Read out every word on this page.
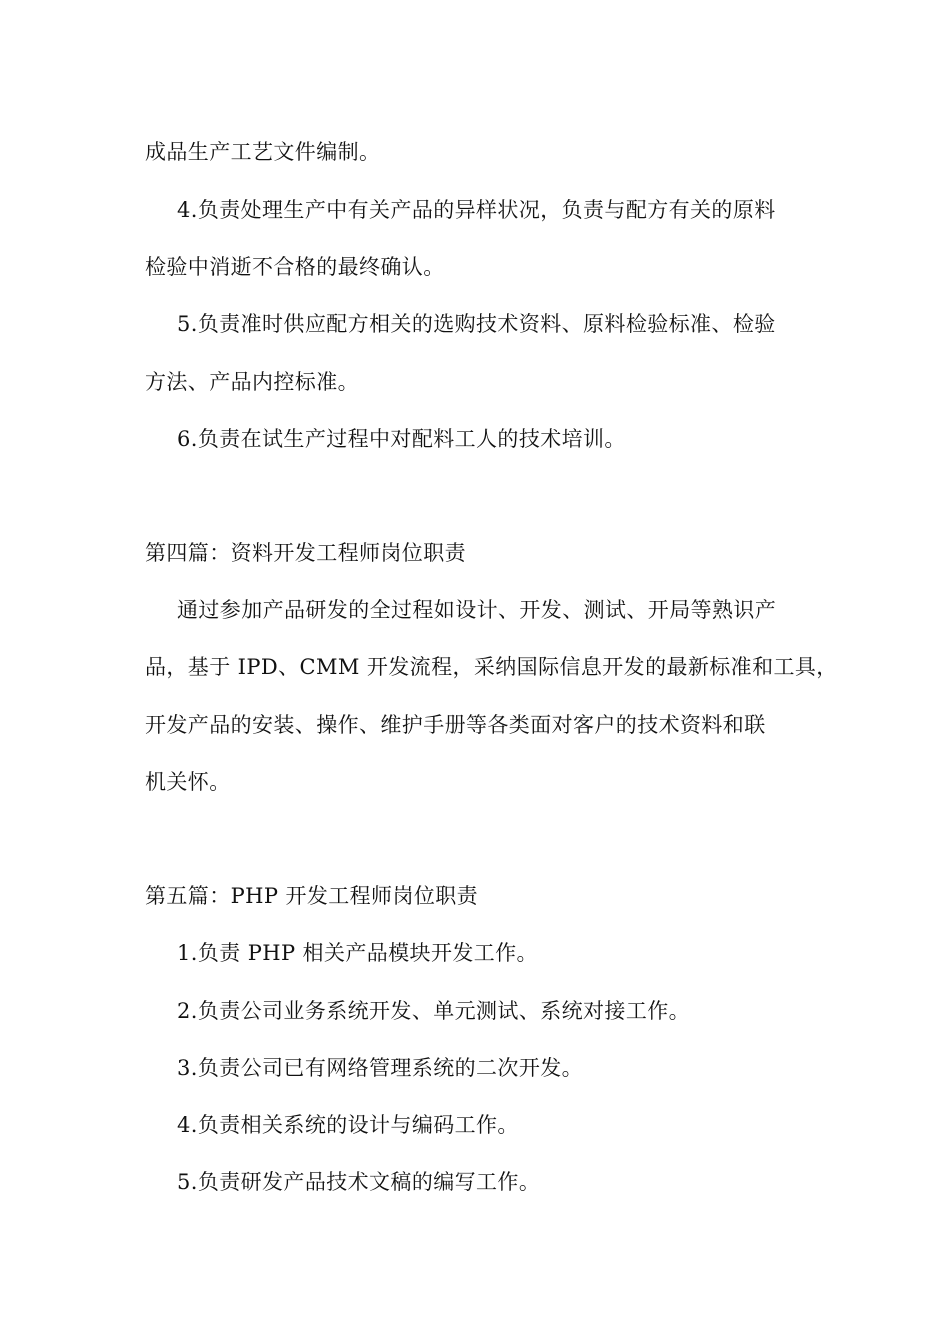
成品生产工艺文件编制。
4.负责处理生产中有关产品的异样状况，负责与配方有关的原料
检验中消逝不合格的最终确认。
5.负责准时供应配方相关的选购技术资料、原料检验标准、检验
方法、产品内控标准。
6.负责在试生产过程中对配料工人的技术培训。
第四篇：资料开发工程师岗位职责
通过参加产品研发的全过程如设计、开发、测试、开局等熟识产
品，基于 IPD、CMM 开发流程，采纳国际信息开发的最新标准和工具，
开发产品的安装、操作、维护手册等各类面对客户的技术资料和联
机关怀。
第五篇：PHP 开发工程师岗位职责
1.负责 PHP 相关产品模块开发工作。
2.负责公司业务系统开发、单元测试、系统对接工作。
3.负责公司已有网络管理系统的二次开发。
4.负责相关系统的设计与编码工作。
5.负责研发产品技术文稿的编写工作。
